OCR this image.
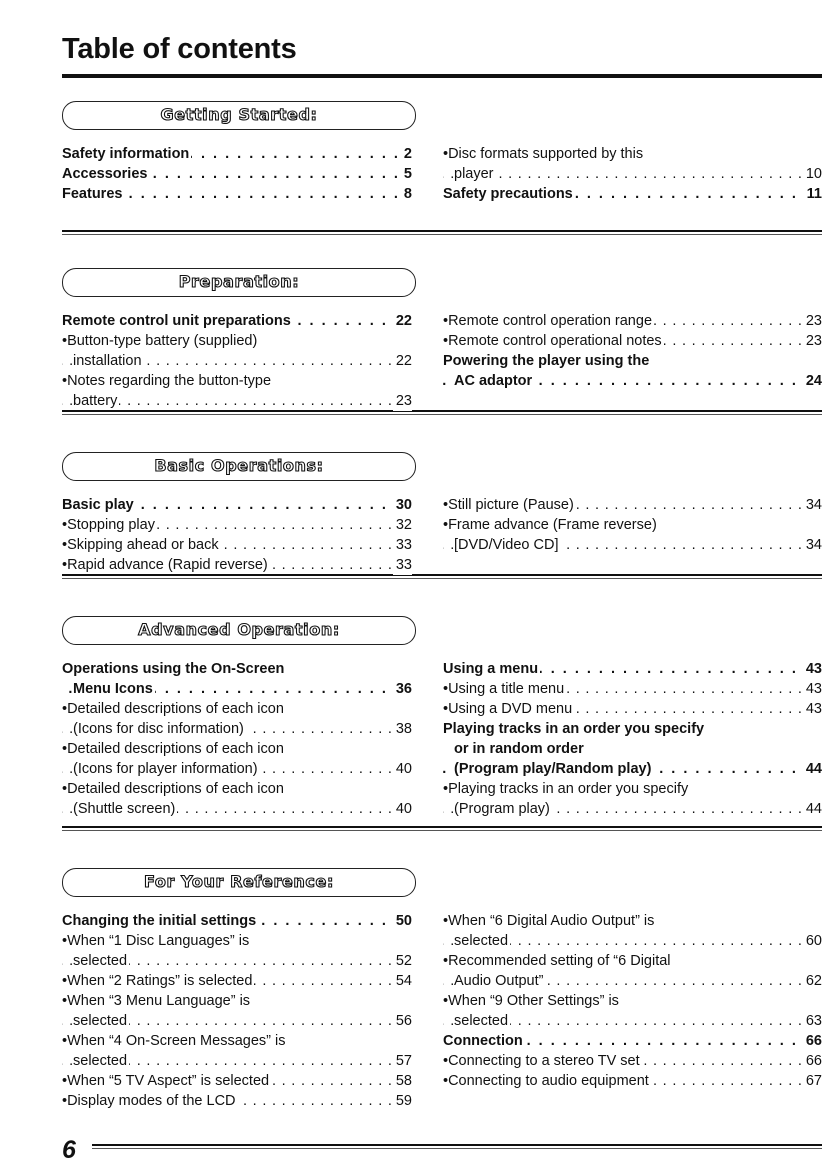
Table of contents
Getting Started:
. . . Safety information	2
. . . Accessories	5
. . . Features	8
•Disc formats supported by this
. . . player	10
. . . Safety precautions	11
Preparation:
. . . Remote control unit preparations	22
•Button-type battery (supplied)
. . . installation	22
•Notes regarding the button-type
. . . battery	23
. . . •Remote control operation range	23
. . . •Remote control operational notes	23
Powering the player using the
. . . AC adaptor	24
Basic Operations:
. . . Basic play	30
. . . •Stopping play	32
. . . •Skipping ahead or back	33
. . . •Rapid advance (Rapid reverse)	33
. . . •Still picture (Pause)	34
•Frame advance (Frame reverse)
. . . [DVD/Video CD]	34
Advanced Operation:
Operations using the On-Screen
. . . Menu Icons	36
•Detailed descriptions of each icon
. . . (Icons for disc information)	38
•Detailed descriptions of each icon
. . . (Icons for player information)	40
•Detailed descriptions of each icon
. . . (Shuttle screen)	40
. . . Using a menu	43
. . . •Using a title menu	43
. . . •Using a DVD menu	43
Playing tracks in an order you specify
or in random order
. . . (Program play/Random play)	44
•Playing tracks in an order you specify
. . . (Program play)	44
For Your Reference:
. . . Changing the initial settings	50
•When “1 Disc Languages” is
. . . selected	52
. . . •When “2 Ratings” is selected	54
•When “3 Menu Language” is
. . . selected	56
•When “4 On-Screen Messages” is
. . . selected	57
. . . •When “5 TV Aspect” is selected	58
. . . •Display modes of the LCD	59
•When “6 Digital Audio Output” is
. . . selected	60
•Recommended setting of “6 Digital
. . . Audio Output”	62
•When “9 Other Settings” is
. . . selected	63
. . . Connection	66
. . . •Connecting to a stereo TV set	66
. . . •Connecting to audio equipment	67
6
